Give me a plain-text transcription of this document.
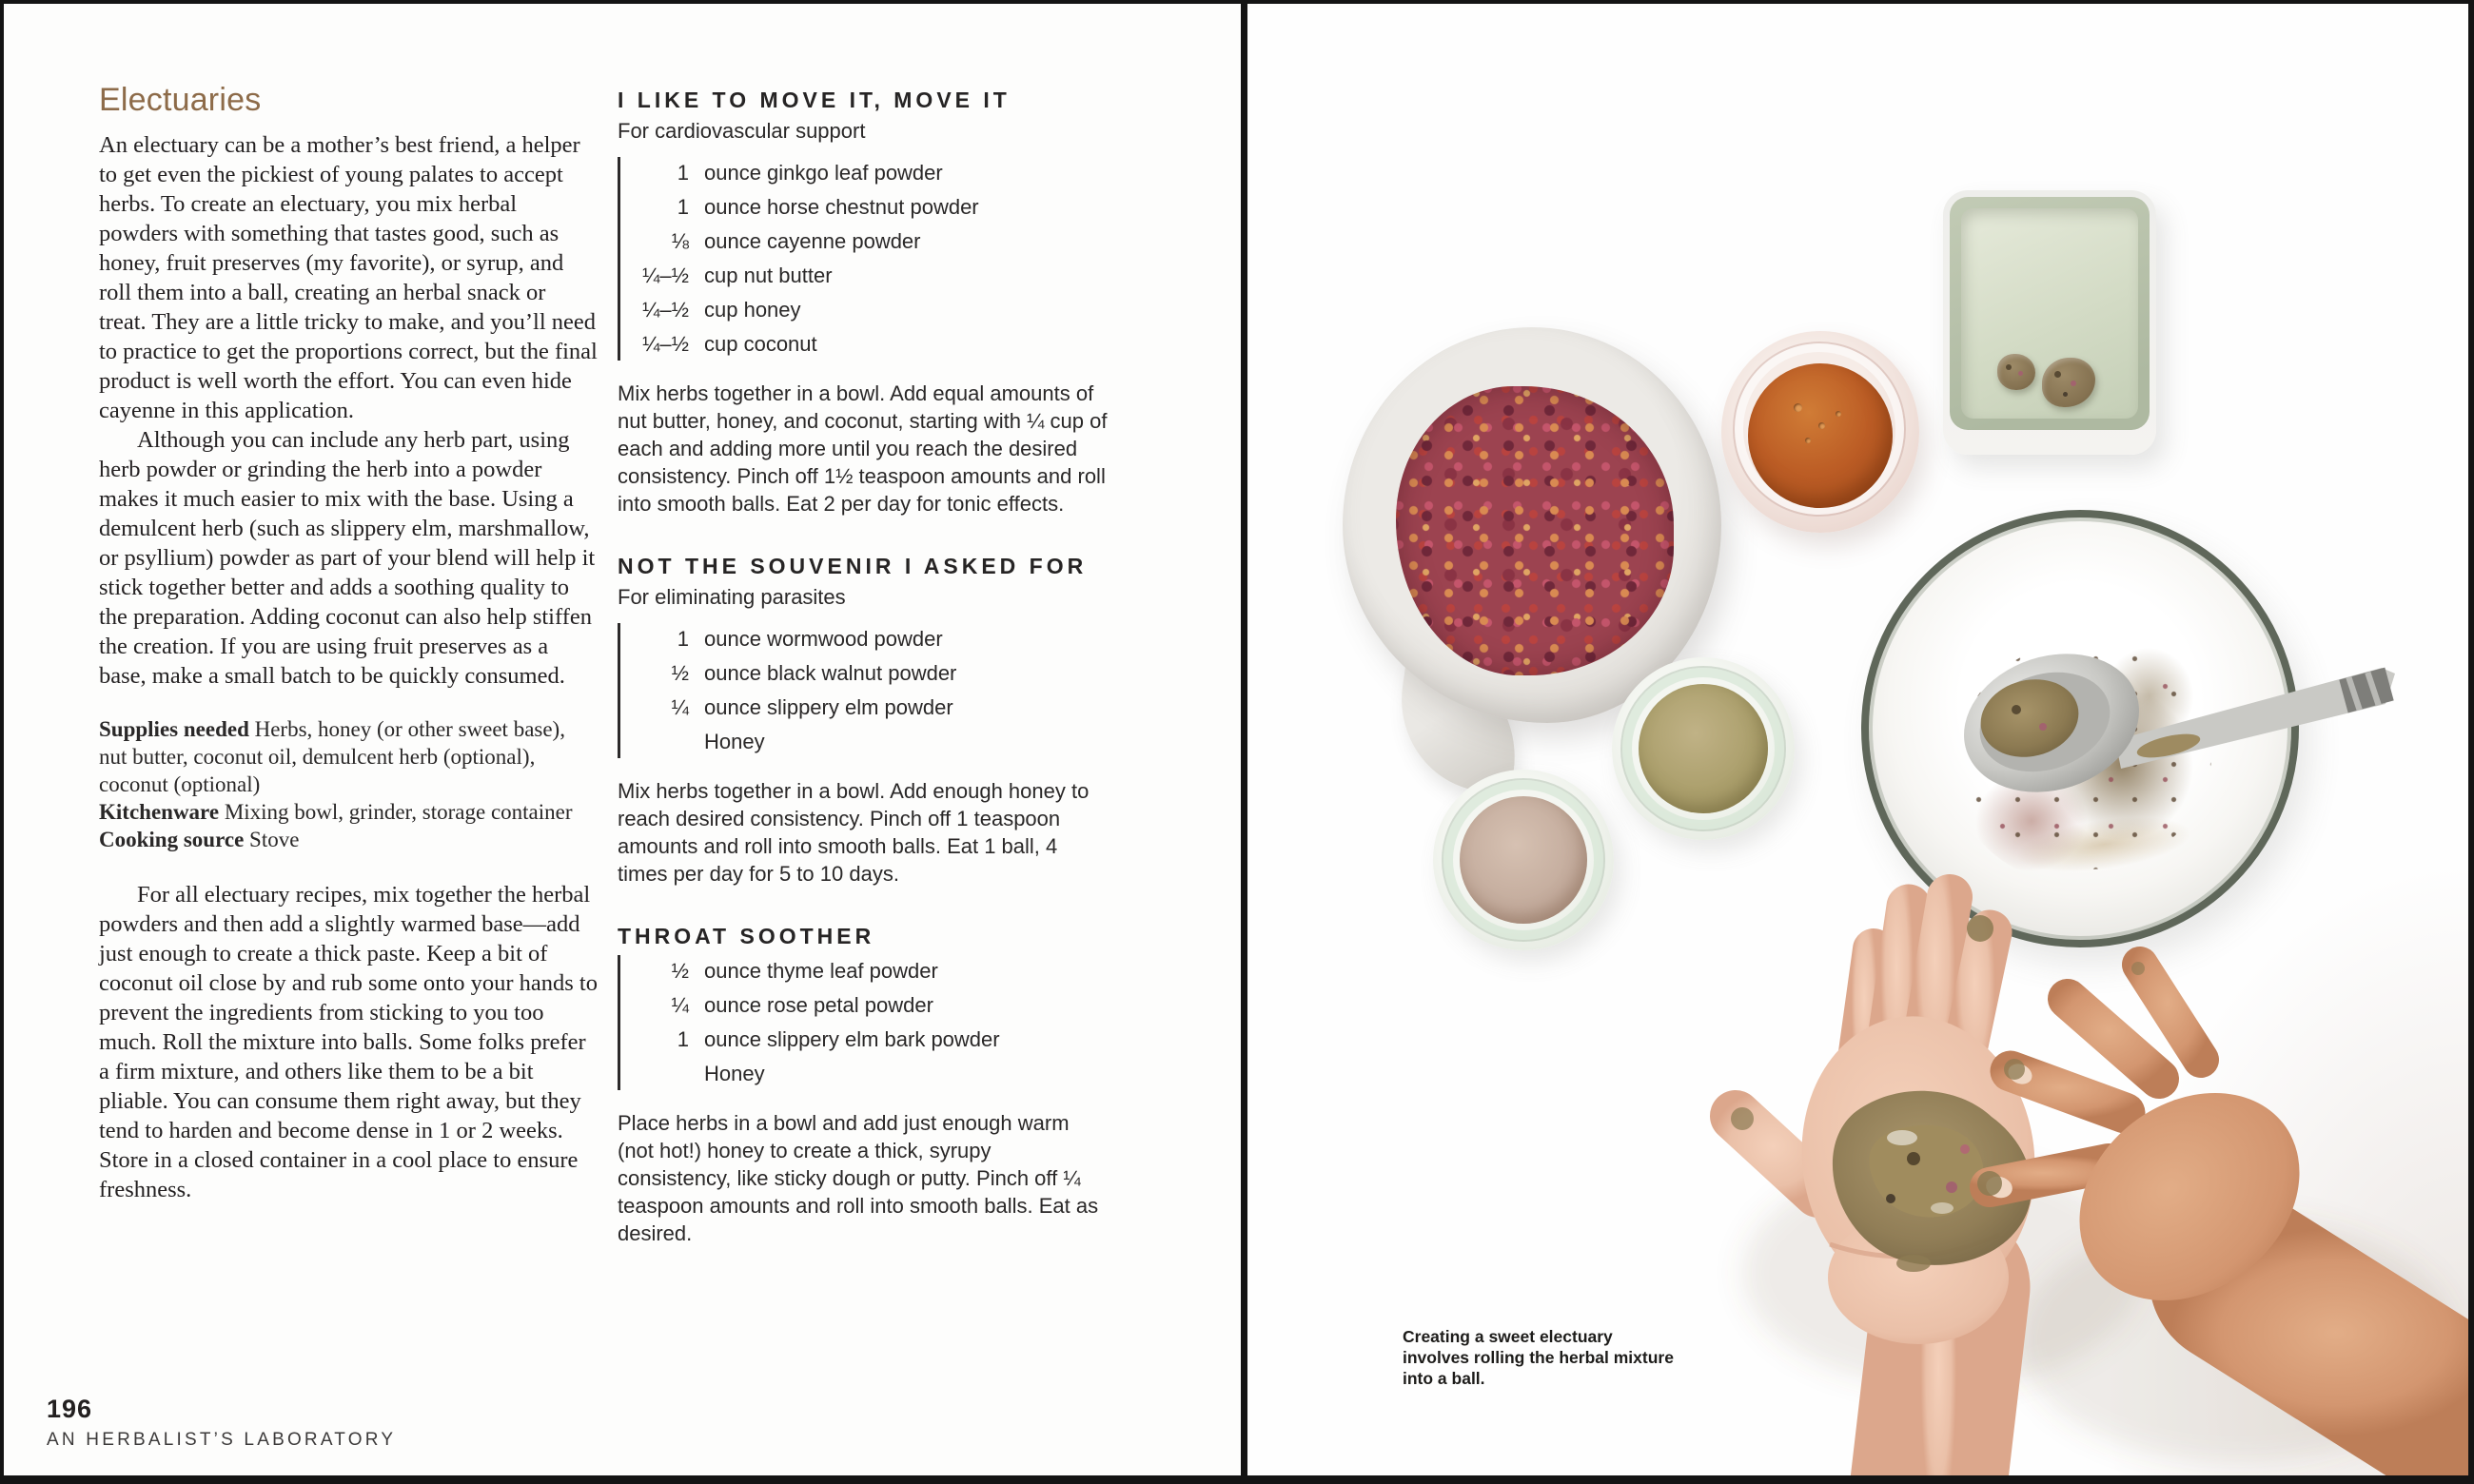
Electuaries

An electuary can be a mother’s best friend, a helper to get even the pickiest of young palates to accept herbs. To create an electuary, you mix herbal powders with something that tastes good, such as honey, fruit preserves (my favorite), or syrup, and roll them into a ball, creating an herbal snack or treat. They are a little tricky to make, and you’ll need to practice to get the proportions correct, but the final product is well worth the effort. You can even hide cayenne in this application.

Although you can include any herb part, using herb powder or grinding the herb into a powder makes it much easier to mix with the base. Using a demulcent herb (such as slippery elm, marshmallow, or psyllium) powder as part of your blend will help it stick together better and adds a soothing quality to the preparation. Adding coconut can also help stiffen the creation. If you are using fruit preserves as a base, make a small batch to be quickly consumed.

Supplies needed Herbs, honey (or other sweet base), nut butter, coconut oil, demulcent herb (optional), coconut (optional)

Kitchenware Mixing bowl, grinder, storage container

Cooking source Stove

For all electuary recipes, mix together the herbal powders and then add a slightly warmed base—add just enough to create a thick paste. Keep a bit of coconut oil close by and rub some onto your hands to prevent the ingredients from sticking to you too much. Roll the mixture into balls. Some folks prefer a firm mixture, and others like them to be a bit pliable. You can consume them right away, but they tend to harden and become dense in 1 or 2 weeks. Store in a closed container in a cool place to ensure freshness.

196
AN HERBALIST’S LABORATORY
I LIKE TO MOVE IT, MOVE IT

For cardiovascular support

1 ounce ginkgo leaf powder
1 ounce horse chestnut powder
⅛ ounce cayenne powder
¼–½ cup nut butter
¼–½ cup honey
¼–½ cup coconut

Mix herbs together in a bowl. Add equal amounts of nut butter, honey, and coconut, starting with ¼ cup of each and adding more until you reach the desired consistency. Pinch off 1½ teaspoon amounts and roll into smooth balls. Eat 2 per day for tonic effects.

NOT THE SOUVENIR I ASKED FOR

For eliminating parasites

1 ounce wormwood powder
½ ounce black walnut powder
¼ ounce slippery elm powder
Honey

Mix herbs together in a bowl. Add enough honey to reach desired consistency. Pinch off 1 teaspoon amounts and roll into smooth balls. Eat 1 ball, 4 times per day for 5 to 10 days.

THROAT SOOTHER
½ ounce thyme leaf powder
¼ ounce rose petal powder
1 ounce slippery elm bark powder
Honey

Place herbs in a bowl and add just enough warm (not hot!) honey to create a thick, syrupy consistency, like sticky dough or putty. Pinch off ¼ teaspoon amounts and roll into smooth balls. Eat as desired.

Creating a sweet electuary involves rolling the herbal mixture into a ball.
